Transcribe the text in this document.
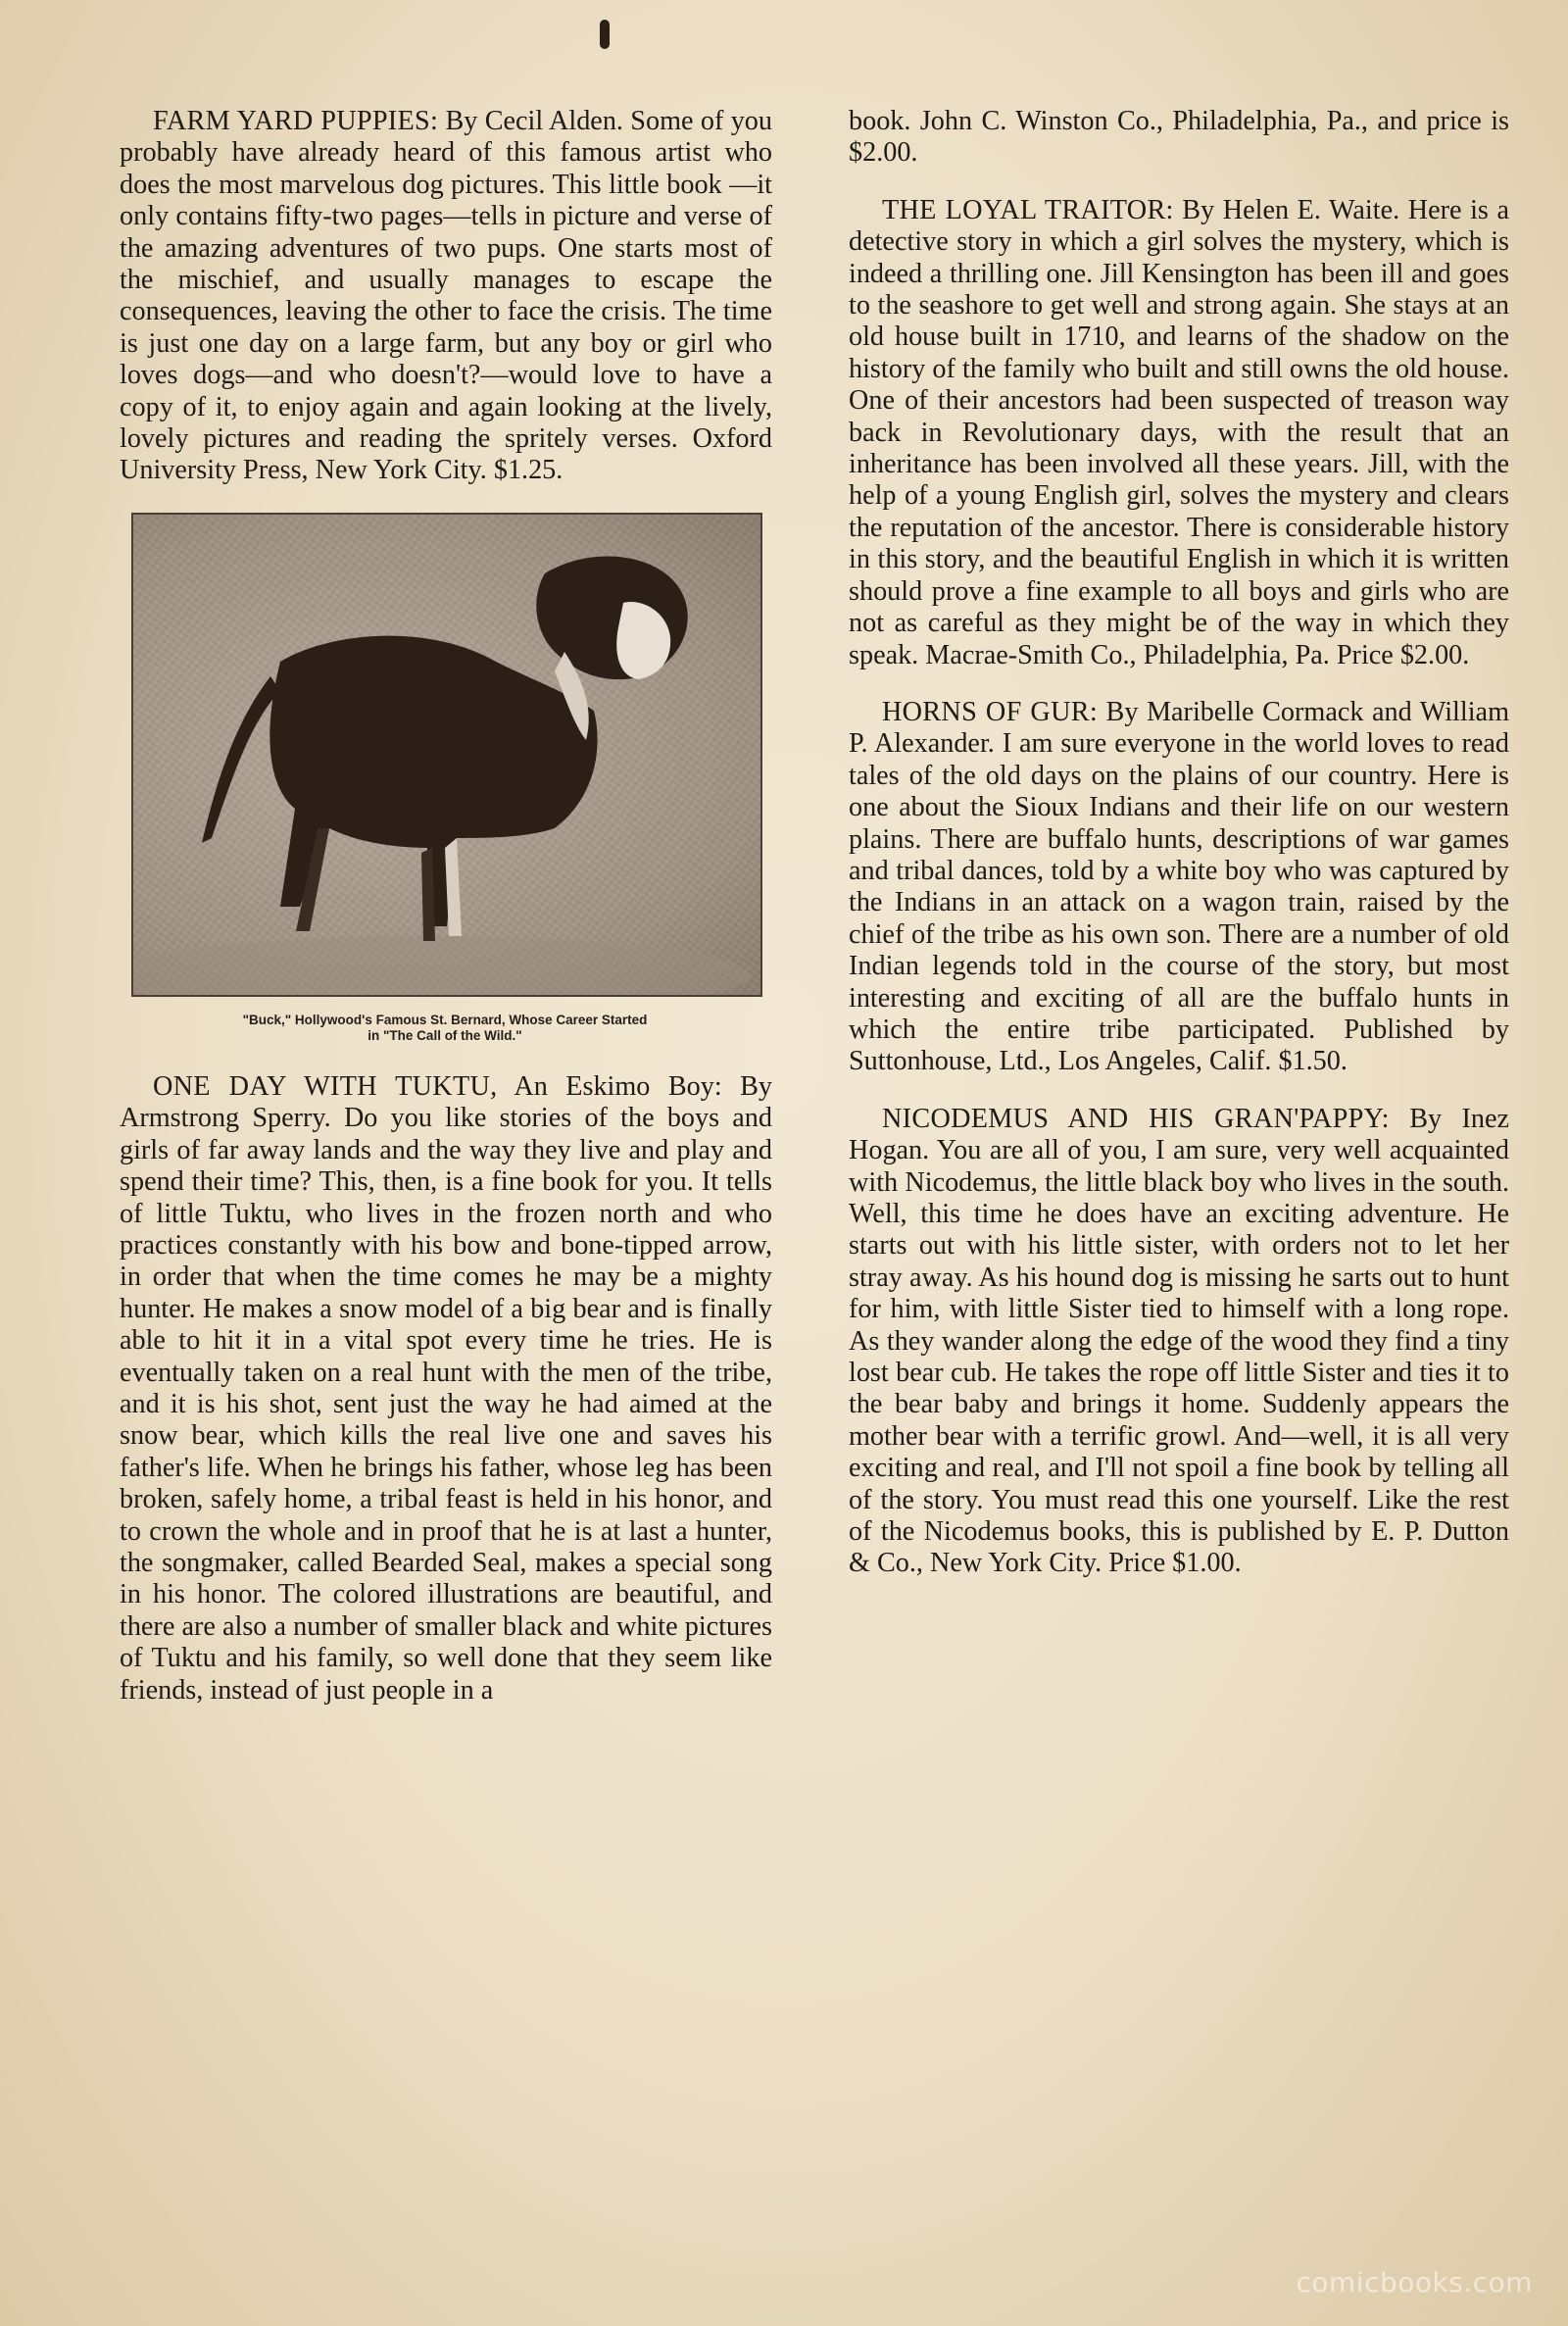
FARM YARD PUPPIES: By Cecil Alden. Some of you probably have already heard of this famous artist who does the most marvelous dog pictures. This little book —it only contains fifty-two pages—tells in picture and verse of the amazing adventures of two pups. One starts most of the mischief, and usually manages to escape the consequences, leaving the other to face the crisis. The time is just one day on a large farm, but any boy or girl who loves dogs—and who doesn't?—would love to have a copy of it, to enjoy again and again looking at the lively, lovely pictures and reading the spritely verses. Oxford University Press, New York City. $1.25.

"Buck," Hollywood's Famous St. Bernard, Whose Career Started in "The Call of the Wild."

ONE DAY WITH TUKTU, An Eskimo Boy: By Armstrong Sperry. Do you like stories of the boys and girls of far away lands and the way they live and play and spend their time? This, then, is a fine book for you. It tells of little Tuktu, who lives in the frozen north and who practices constantly with his bow and bone-tipped arrow, in order that when the time comes he may be a mighty hunter. He makes a snow model of a big bear and is finally able to hit it in a vital spot every time he tries. He is eventually taken on a real hunt with the men of the tribe, and it is his shot, sent just the way he had aimed at the snow bear, which kills the real live one and saves his father's life. When he brings his father, whose leg has been broken, safely home, a tribal feast is held in his honor, and to crown the whole and in proof that he is at last a hunter, the songmaker, called Bearded Seal, makes a special song in his honor. The colored illustrations are beautiful, and there are also a number of smaller black and white pictures of Tuktu and his family, so well done that they seem like friends, instead of just people in a

book. John C. Winston Co., Philadelphia, Pa., and price is $2.00.

THE LOYAL TRAITOR: By Helen E. Waite. Here is a detective story in which a girl solves the mystery, which is indeed a thrilling one. Jill Kensington has been ill and goes to the seashore to get well and strong again. She stays at an old house built in 1710, and learns of the shadow on the history of the family who built and still owns the old house. One of their ancestors had been suspected of treason way back in Revolutionary days, with the result that an inheritance has been involved all these years. Jill, with the help of a young English girl, solves the mystery and clears the reputation of the ancestor. There is considerable history in this story, and the beautiful English in which it is written should prove a fine example to all boys and girls who are not as careful as they might be of the way in which they speak. Macrae-Smith Co., Philadelphia, Pa. Price $2.00.

HORNS OF GUR: By Maribelle Cormack and William P. Alexander. I am sure everyone in the world loves to read tales of the old days on the plains of our country. Here is one about the Sioux Indians and their life on our western plains. There are buffalo hunts, descriptions of war games and tribal dances, told by a white boy who was captured by the Indians in an attack on a wagon train, raised by the chief of the tribe as his own son. There are a number of old Indian legends told in the course of the story, but most interesting and exciting of all are the buffalo hunts in which the entire tribe participated. Published by Suttonhouse, Ltd., Los Angeles, Calif. $1.50.

NICODEMUS AND HIS GRAN'PAPPY: By Inez Hogan. You are all of you, I am sure, very well acquainted with Nicodemus, the little black boy who lives in the south. Well, this time he does have an exciting adventure. He starts out with his little sister, with orders not to let her stray away. As his hound dog is missing he sarts out to hunt for him, with little Sister tied to himself with a long rope. As they wander along the edge of the wood they find a tiny lost bear cub. He takes the rope off little Sister and ties it to the bear baby and brings it home. Suddenly appears the mother bear with a terrific growl. And—well, it is all very exciting and real, and I'll not spoil a fine book by telling all of the story. You must read this one yourself. Like the rest of the Nicodemus books, this is published by E. P. Dutton & Co., New York City. Price $1.00.

comicbooks.com
